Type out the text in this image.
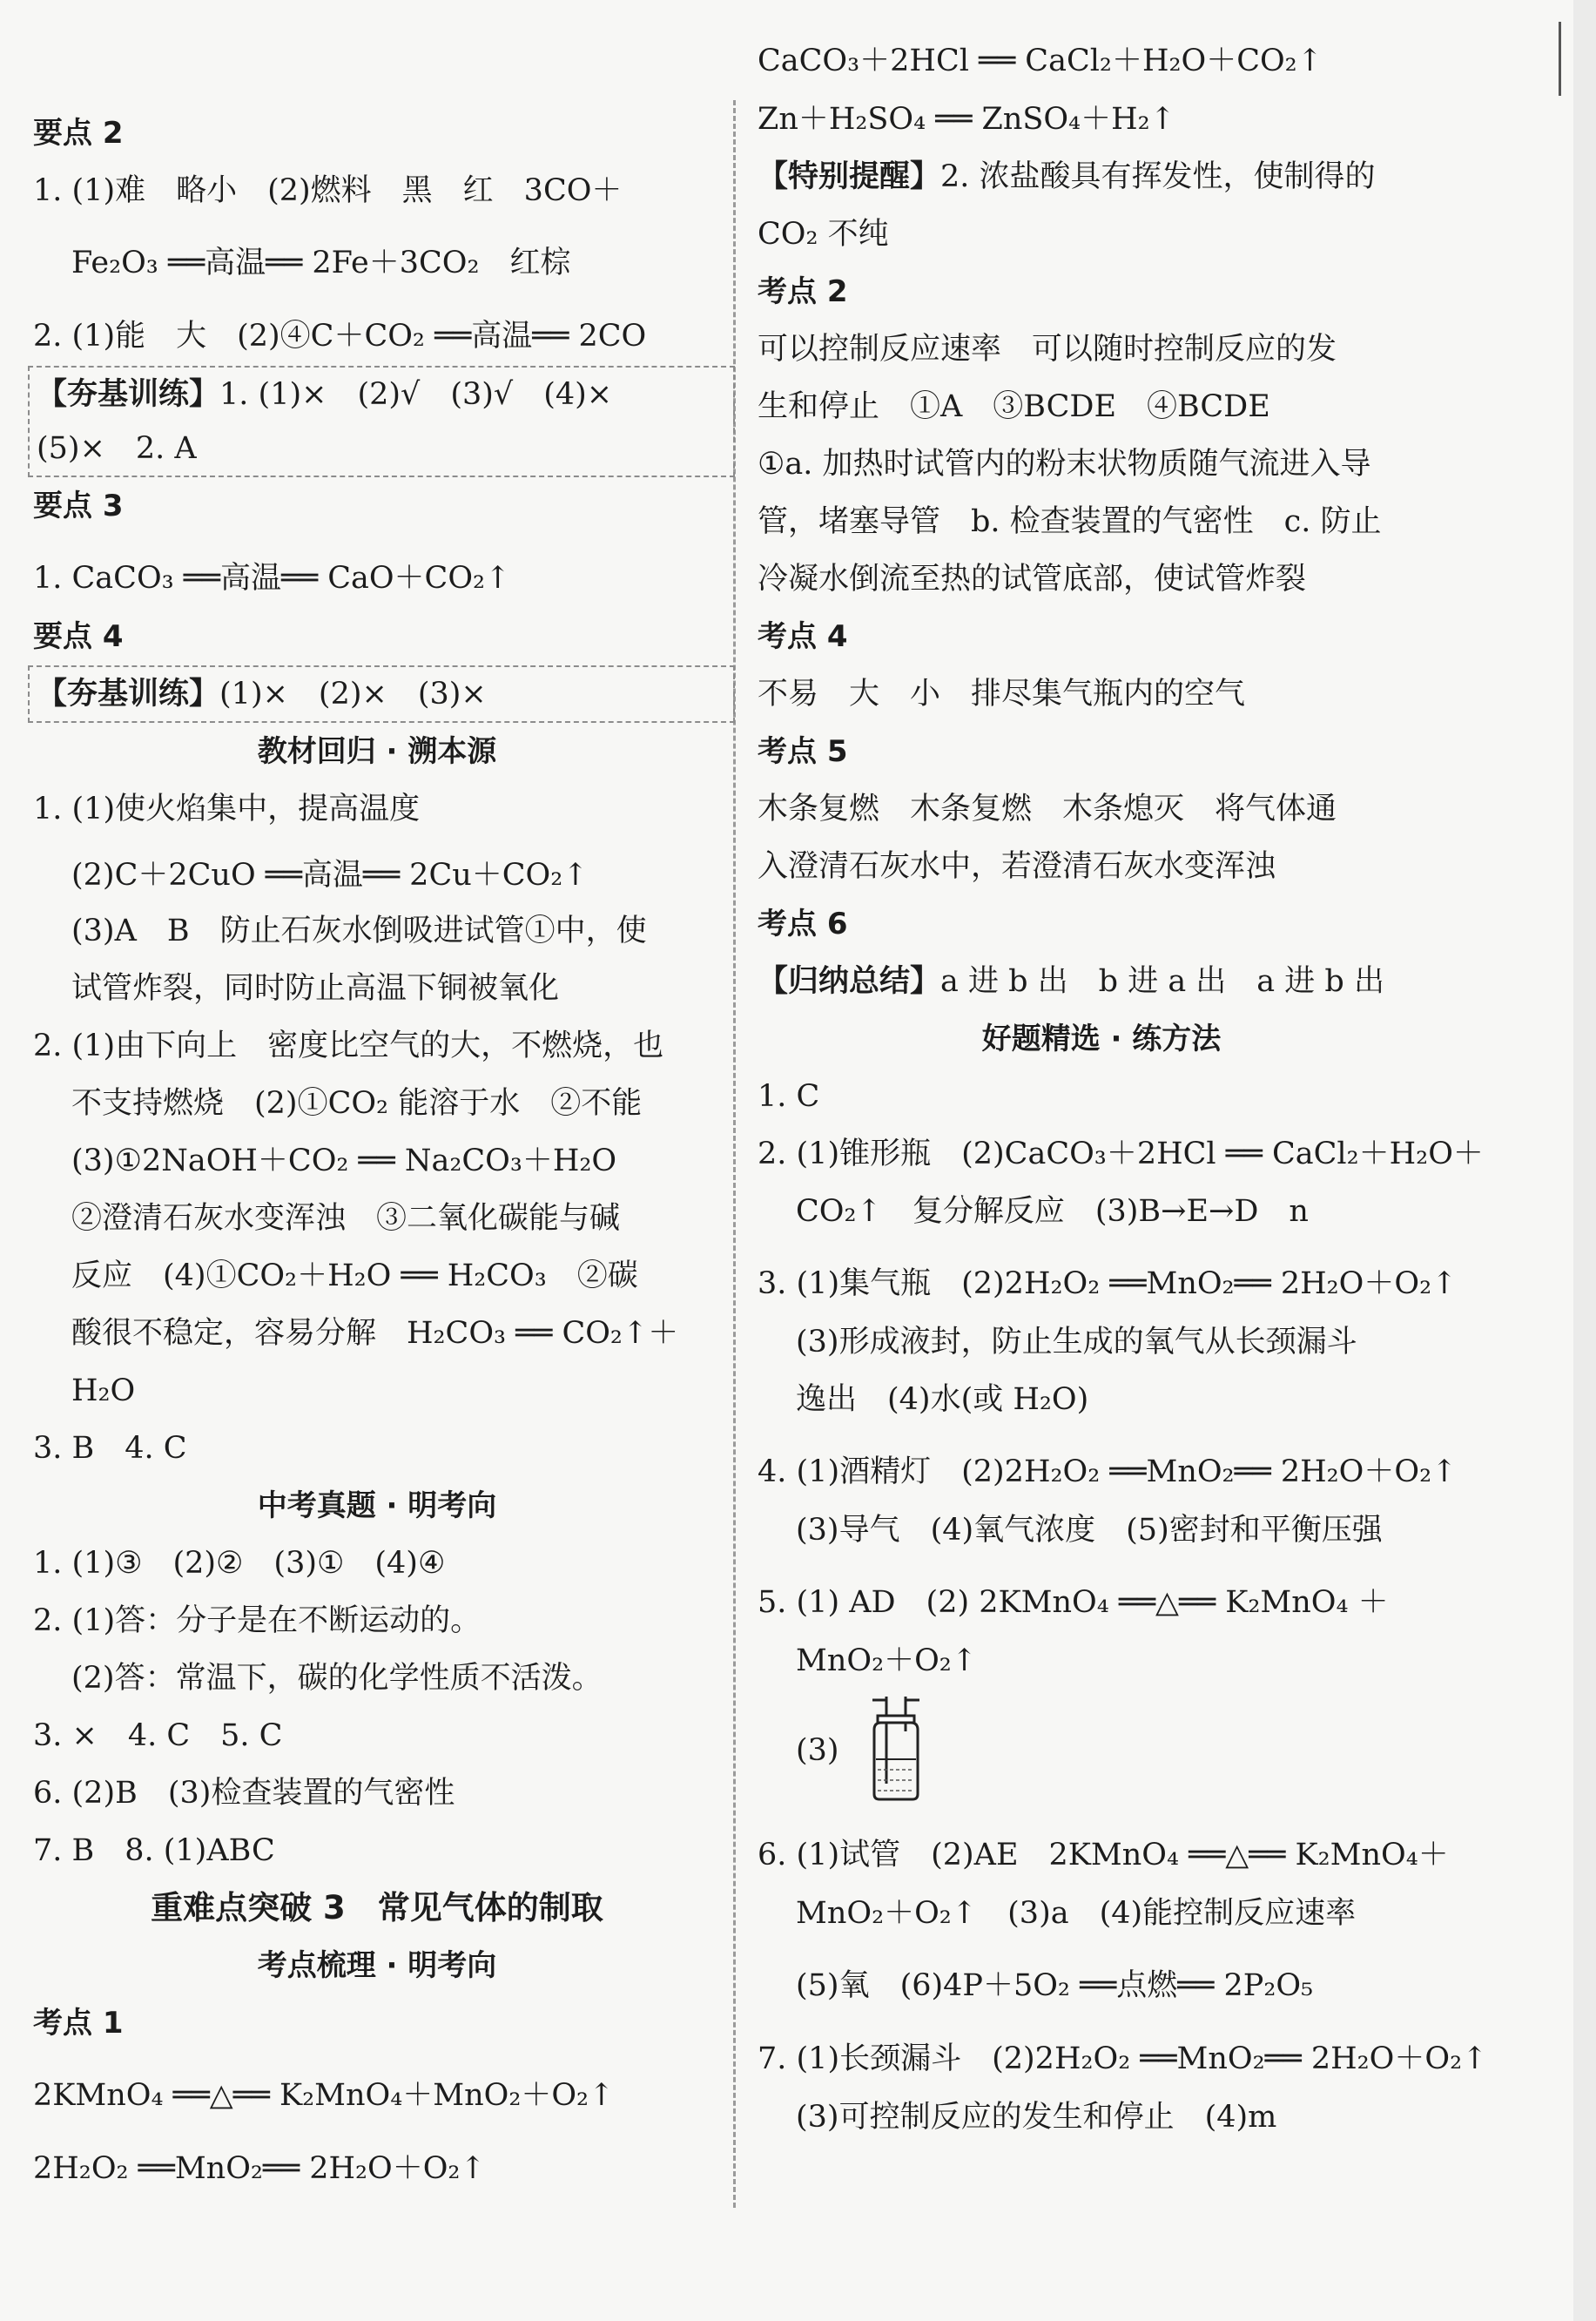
要点 2
1. (1)难　略小　(2)燃料　黑　红　3CO＋
Fe₂O₃ ══高温══ 2Fe＋3CO₂　红棕
2. (1)能　大　(2)④C＋CO₂ ══高温══ 2CO
【夯基训练】1. (1)×　(2)√　(3)√　(4)×
(5)×　2. A
要点 3
1. CaCO₃ ══高温══ CaO＋CO₂↑
要点 4
【夯基训练】(1)×　(2)×　(3)×
教材回归 · 溯本源
1. (1)使火焰集中，提高温度
(2)C＋2CuO ══高温══ 2Cu＋CO₂↑
(3)A　B　防止石灰水倒吸进试管①中，使
试管炸裂，同时防止高温下铜被氧化
2. (1)由下向上　密度比空气的大，不燃烧，也
不支持燃烧　(2)①CO₂ 能溶于水　②不能
(3)①2NaOH＋CO₂ ══ Na₂CO₃＋H₂O
②澄清石灰水变浑浊　③二氧化碳能与碱
反应　(4)①CO₂＋H₂O ══ H₂CO₃　②碳
酸很不稳定，容易分解　H₂CO₃ ══ CO₂↑＋
H₂O
3. B　4. C
中考真题 · 明考向
1. (1)③　(2)②　(3)①　(4)④
2. (1)答：分子是在不断运动的。
(2)答：常温下，碳的化学性质不活泼。
3. ×　4. C　5. C
6. (2)B　(3)检查装置的气密性
7. B　8. (1)ABC
重难点突破 3　常见气体的制取
考点梳理 · 明考向
考点 1
2KMnO₄ ══△══ K₂MnO₄＋MnO₂＋O₂↑
2H₂O₂ ══MnO₂══ 2H₂O＋O₂↑
CaCO₃＋2HCl ══ CaCl₂＋H₂O＋CO₂↑
Zn＋H₂SO₄ ══ ZnSO₄＋H₂↑
【特别提醒】2. 浓盐酸具有挥发性，使制得的
CO₂ 不纯
考点 2
可以控制反应速率　可以随时控制反应的发
生和停止　①A　③BCDE　④BCDE
①a. 加热时试管内的粉末状物质随气流进入导
管，堵塞导管　b. 检查装置的气密性　c. 防止
冷凝水倒流至热的试管底部，使试管炸裂
考点 4
不易　大　小　排尽集气瓶内的空气
考点 5
木条复燃　木条复燃　木条熄灭　将气体通
入澄清石灰水中，若澄清石灰水变浑浊
考点 6
【归纳总结】a 进 b 出　b 进 a 出　a 进 b 出
好题精选 · 练方法
1. C
2. (1)锥形瓶　(2)CaCO₃＋2HCl ══ CaCl₂＋H₂O＋
CO₂↑　复分解反应　(3)B→E→D　n
3. (1)集气瓶　(2)2H₂O₂ ══MnO₂══ 2H₂O＋O₂↑
(3)形成液封，防止生成的氧气从长颈漏斗
逸出　(4)水(或 H₂O)
4. (1)酒精灯　(2)2H₂O₂ ══MnO₂══ 2H₂O＋O₂↑
(3)导气　(4)氧气浓度　(5)密封和平衡压强
5. (1) AD　(2) 2KMnO₄ ══△══ K₂MnO₄ ＋
MnO₂＋O₂↑
(3)
6. (1)试管　(2)AE　2KMnO₄ ══△══ K₂MnO₄＋
MnO₂＋O₂↑　(3)a　(4)能控制反应速率
(5)氧　(6)4P＋5O₂ ══点燃══ 2P₂O₅
7. (1)长颈漏斗　(2)2H₂O₂ ══MnO₂══ 2H₂O＋O₂↑
(3)可控制反应的发生和停止　(4)m
